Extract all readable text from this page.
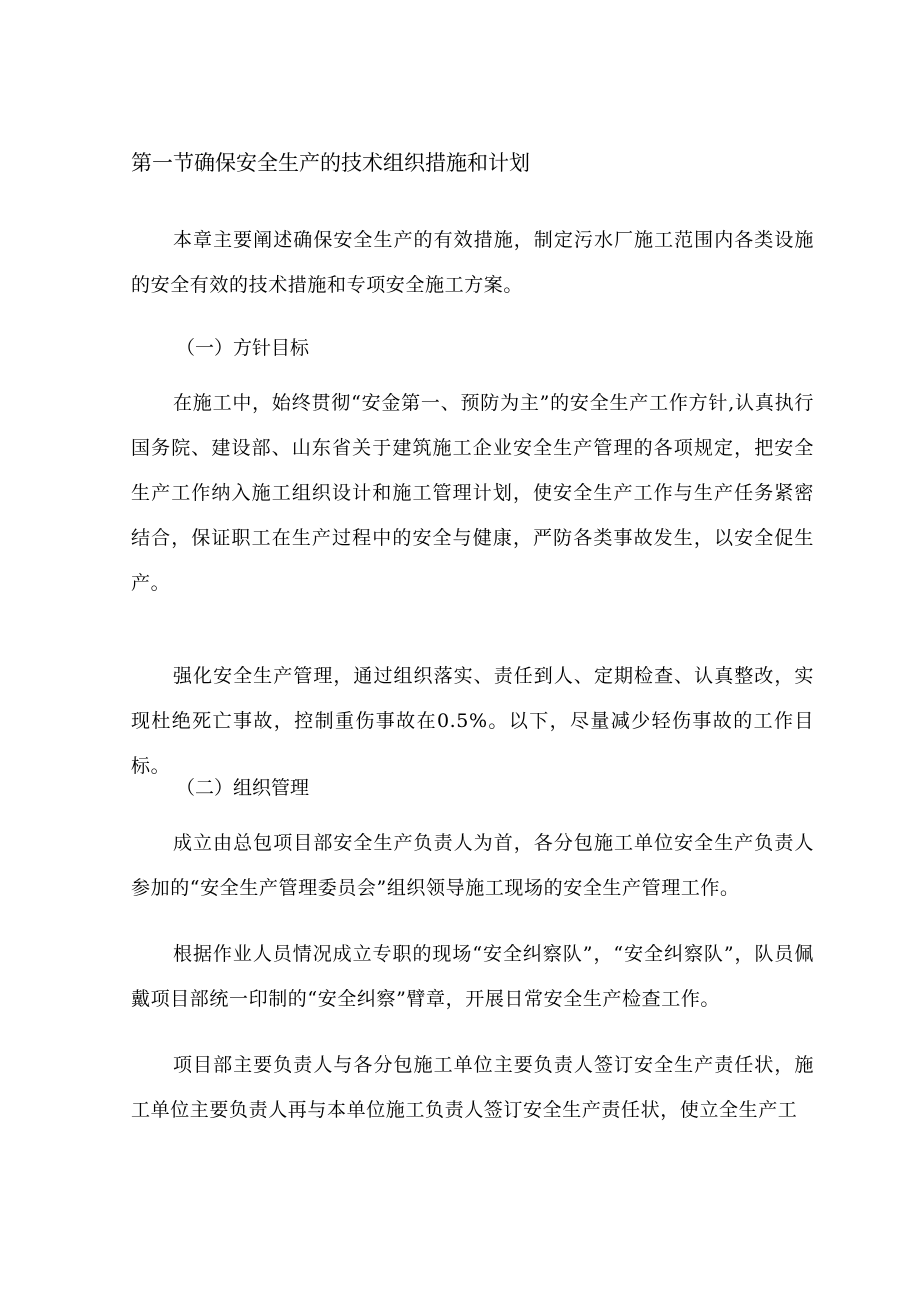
第一节确保安全生产的技术组织措施和计划

本章主要阐述确保安全生产的有效措施，制定污水厂施工范围内各类设施的安全有效的技术措施和专项安全施工方案。

（一）方针目标

在施工中，始终贯彻“安金第一、预防为主”的安全生产工作方针,认真执行国务院、建设部、山东省关于建筑施工企业安全生产管理的各项规定，把安全生产工作纳入施工组织设计和施工管理计划，使安全生产工作与生产任务紧密结合，保证职工在生产过程中的安全与健康，严防各类事故发生，以安全促生产。

强化安全生产管理，通过组织落实、责任到人、定期检查、认真整改，实现杜绝死亡事故，控制重伤事故在0.5%。以下，尽量减少轻伤事故的工作目标。

（二）组织管理

成立由总包项目部安全生产负责人为首，各分包施工单位安全生产负责人参加的“安全生产管理委员会”组织领导施工现场的安全生产管理工作。

根据作业人员情况成立专职的现场“安全纠察队”，“安全纠察队”，队员佩戴项目部统一印制的“安全纠察”臂章，开展日常安全生产检查工作。

项目部主要负责人与各分包施工单位主要负责人签订安全生产责任状，施工单位主要负责人再与本单位施工负责人签订安全生产责任状，使立全生产工
